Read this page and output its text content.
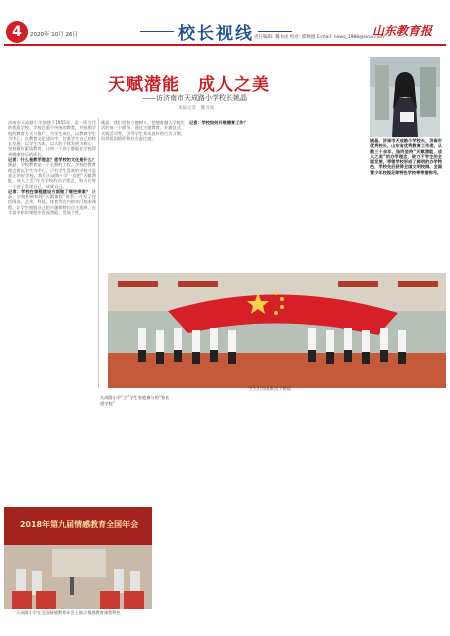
4	2020年 10月 26日	校长视线 责任编辑: 魏书虎 校对: 邢秋德 E-mail: news_1988@sina.com
山东教育报
天赋潜能　成人之美
——访济南市天成路小学校长姚晶
本报记者　魏书虎
济南市天成路小学创建于1955年，是一所当代的优质学校。学校注重于传统的教育，并按照学校的教育方式与推广，为学生成长，以教育学生为中心，在教育文化建设中，注重学生自己的特长发展，以学生为本，以人的个体发展为核心，坚持做好素质教育，让每一个孩子都能在学校得到健康快乐的成长。
记者：什么是教学理念？您学校的文化是什么？ 姚晶：学校教育是一个长期的工程，学校的教育理念要以学生为中心，只有学生喜欢的学校才是真正的好学校。我们天成路小学一直把“天赋潜能，成人之美”作为学校的办学理念，努力让每一个孩子发现自己，成就自己。
记者：学校在课程建设方面做了哪些探索？ 姚晶：学校积极构建“天赋课程”体系，开发了包括阅读、艺术、科技、体育等在内的多门校本课程，让学生根据自己的兴趣和特长自主选择，在丰富多彩的课程中发现潜能、发展个性。
姚晶：我们坚持立德树人，把德育融入学校生活的每一个细节，通过主题教育、升旗仪式、实践活动等，引导学生养成良好的行为习惯，培养爱国情怀和社会责任感。
记者：学校如何开展德育工作？
姚晶，济南市天成路小学校长，济南市优秀校长，山东省优秀教育工作者。从教三十余年，始终坚持“天赋潜能，成人之美”的办学理念，致力于学生的全面发展，带领学校形成了鲜明的办学特色，学校先后获得全国文明校园、全国青少年校园足球特色学校等荣誉称号。
学生们为国旗送上祝福
天成路小学“立”学生家庭参与的“家长进学校”
2018年第九届情感教育全国年会
天成路小学在全国情感教育年会上展示情感教育课程特色
